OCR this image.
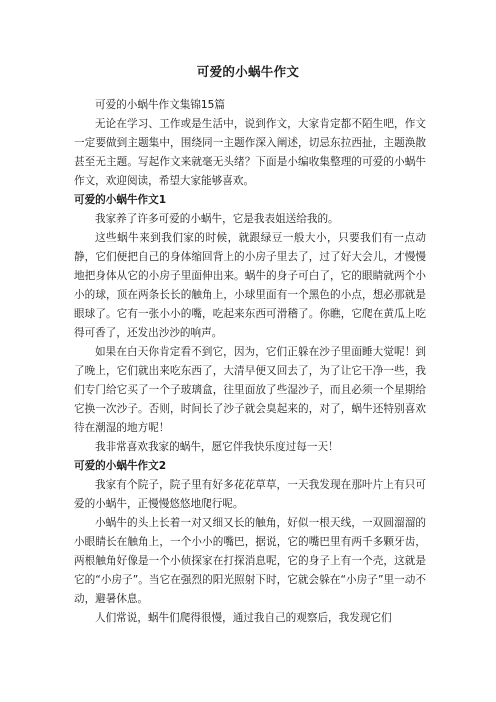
可爱的小蜗牛作文

可爱的小蜗牛作文集锦15篇

无论在学习、工作或是生活中，说到作文，大家肯定都不陌生吧，作文一定要做到主题集中，围绕同一主题作深入阐述，切忌东拉西扯，主题涣散甚至无主题。写起作文来就毫无头绪？下面是小编收集整理的可爱的小蜗牛作文，欢迎阅读，希望大家能够喜欢。

可爱的小蜗牛作文1

我家养了许多可爱的小蜗牛，它是我表姐送给我的。

这些蜗牛来到我们家的时候，就跟绿豆一般大小，只要我们有一点动静，它们便把自己的身体缩回背上的小房子里去了，过了好大会儿，才慢慢地把身体从它的小房子里面伸出来。蜗牛的身子可白了，它的眼睛就两个小小的球，顶在两条长长的触角上，小球里面有一个黑色的小点，想必那就是眼球了。它有一张小小的嘴，吃起来东西可滑稽了。你瞧，它爬在黄瓜上吃得可香了，还发出沙沙的响声。

如果在白天你肯定看不到它，因为，它们正躲在沙子里面睡大觉呢！到了晚上，它们就出来吃东西了，大清早便又回去了，为了让它干净一些，我们专门给它买了一个子玻璃盒，往里面放了些湿沙子，而且必须一个星期给它换一次沙子。否则，时间长了沙子就会臭起来的，对了，蜗牛还特别喜欢待在潮湿的地方呢！

我非常喜欢我家的蜗牛，愿它伴我快乐度过每一天！

可爱的小蜗牛作文2

我家有个院子，院子里有好多花花草草，一天我发现在那叶片上有只可爱的小蜗牛，正慢慢悠悠地爬行呢。

小蜗牛的头上长着一对又细又长的触角，好似一根天线，一双圆溜溜的小眼睛长在触角上，一个小小的嘴巴，据说，它的嘴巴里有两千多颗牙齿，两根触角好像是一个小侦探家在打探消息呢，它的身子上有一个壳，这就是它的“小房子”。当它在强烈的阳光照射下时，它就会躲在“小房子”里一动不动，避暑休息。

人们常说，蜗牛们爬得很慢，通过我自己的观察后，我发现它们
